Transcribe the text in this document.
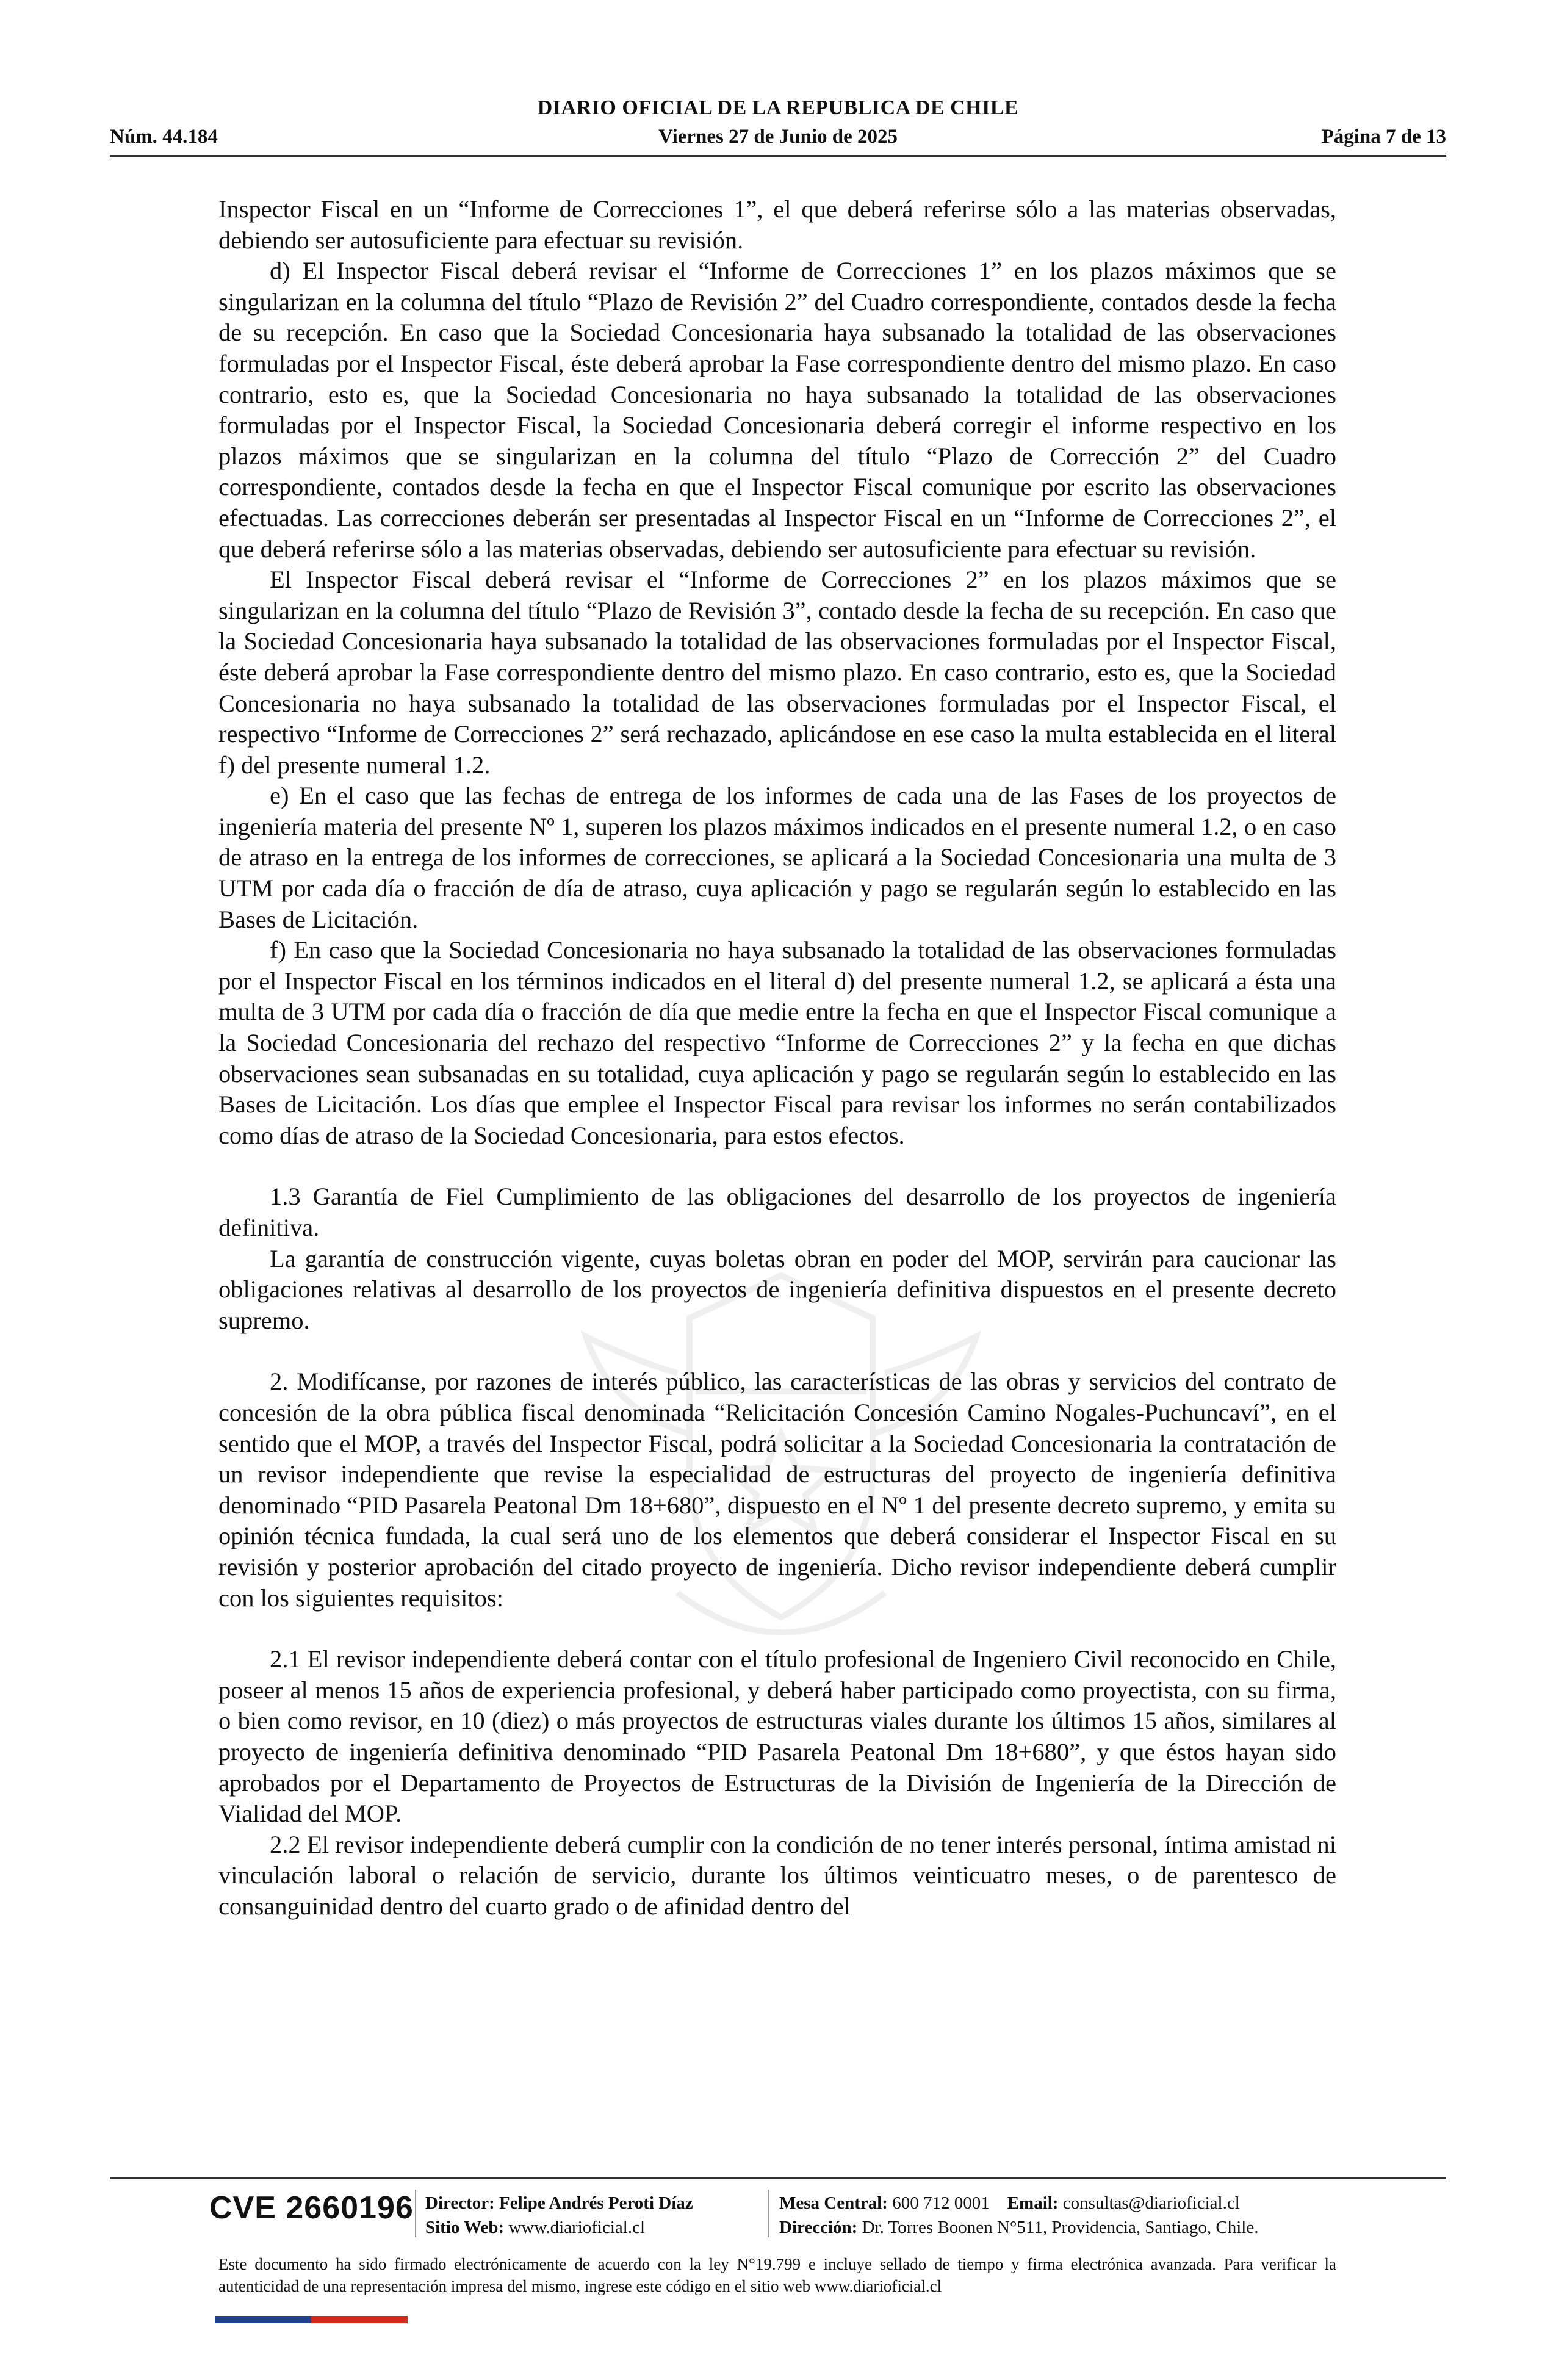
DIARIO OFICIAL DE LA REPUBLICA DE CHILE
Núm. 44.184	Viernes 27 de Junio de 2025	Página 7 de 13

Inspector Fiscal en un “Informe de Correcciones 1”, el que deberá referirse sólo a las materias observadas, debiendo ser autosuficiente para efectuar su revisión.

d) El Inspector Fiscal deberá revisar el “Informe de Correcciones 1” en los plazos máximos que se singularizan en la columna del título “Plazo de Revisión 2” del Cuadro correspondiente, contados desde la fecha de su recepción. En caso que la Sociedad Concesionaria haya subsanado la totalidad de las observaciones formuladas por el Inspector Fiscal, éste deberá aprobar la Fase correspondiente dentro del mismo plazo. En caso contrario, esto es, que la Sociedad Concesionaria no haya subsanado la totalidad de las observaciones formuladas por el Inspector Fiscal, la Sociedad Concesionaria deberá corregir el informe respectivo en los plazos máximos que se singularizan en la columna del título “Plazo de Corrección 2” del Cuadro correspondiente, contados desde la fecha en que el Inspector Fiscal comunique por escrito las observaciones efectuadas. Las correcciones deberán ser presentadas al Inspector Fiscal en un “Informe de Correcciones 2”, el que deberá referirse sólo a las materias observadas, debiendo ser autosuficiente para efectuar su revisión.

El Inspector Fiscal deberá revisar el “Informe de Correcciones 2” en los plazos máximos que se singularizan en la columna del título “Plazo de Revisión 3”, contado desde la fecha de su recepción. En caso que la Sociedad Concesionaria haya subsanado la totalidad de las observaciones formuladas por el Inspector Fiscal, éste deberá aprobar la Fase correspondiente dentro del mismo plazo. En caso contrario, esto es, que la Sociedad Concesionaria no haya subsanado la totalidad de las observaciones formuladas por el Inspector Fiscal, el respectivo “Informe de Correcciones 2” será rechazado, aplicándose en ese caso la multa establecida en el literal f) del presente numeral 1.2.

e) En el caso que las fechas de entrega de los informes de cada una de las Fases de los proyectos de ingeniería materia del presente Nº 1, superen los plazos máximos indicados en el presente numeral 1.2, o en caso de atraso en la entrega de los informes de correcciones, se aplicará a la Sociedad Concesionaria una multa de 3 UTM por cada día o fracción de día de atraso, cuya aplicación y pago se regularán según lo establecido en las Bases de Licitación.

f) En caso que la Sociedad Concesionaria no haya subsanado la totalidad de las observaciones formuladas por el Inspector Fiscal en los términos indicados en el literal d) del presente numeral 1.2, se aplicará a ésta una multa de 3 UTM por cada día o fracción de día que medie entre la fecha en que el Inspector Fiscal comunique a la Sociedad Concesionaria del rechazo del respectivo “Informe de Correcciones 2” y la fecha en que dichas observaciones sean subsanadas en su totalidad, cuya aplicación y pago se regularán según lo establecido en las Bases de Licitación. Los días que emplee el Inspector Fiscal para revisar los informes no serán contabilizados como días de atraso de la Sociedad Concesionaria, para estos efectos.

1.3 Garantía de Fiel Cumplimiento de las obligaciones del desarrollo de los proyectos de ingeniería definitiva.

La garantía de construcción vigente, cuyas boletas obran en poder del MOP, servirán para caucionar las obligaciones relativas al desarrollo de los proyectos de ingeniería definitiva dispuestos en el presente decreto supremo.

2. Modifícanse, por razones de interés público, las características de las obras y servicios del contrato de concesión de la obra pública fiscal denominada “Relicitación Concesión Camino Nogales-Puchuncaví”, en el sentido que el MOP, a través del Inspector Fiscal, podrá solicitar a la Sociedad Concesionaria la contratación de un revisor independiente que revise la especialidad de estructuras del proyecto de ingeniería definitiva denominado “PID Pasarela Peatonal Dm 18+680”, dispuesto en el Nº 1 del presente decreto supremo, y emita su opinión técnica fundada, la cual será uno de los elementos que deberá considerar el Inspector Fiscal en su revisión y posterior aprobación del citado proyecto de ingeniería. Dicho revisor independiente deberá cumplir con los siguientes requisitos:

2.1 El revisor independiente deberá contar con el título profesional de Ingeniero Civil reconocido en Chile, poseer al menos 15 años de experiencia profesional, y deberá haber participado como proyectista, con su firma, o bien como revisor, en 10 (diez) o más proyectos de estructuras viales durante los últimos 15 años, similares al proyecto de ingeniería definitiva denominado “PID Pasarela Peatonal Dm 18+680”, y que éstos hayan sido aprobados por el Departamento de Proyectos de Estructuras de la División de Ingeniería de la Dirección de Vialidad del MOP.

2.2 El revisor independiente deberá cumplir con la condición de no tener interés personal, íntima amistad ni vinculación laboral o relación de servicio, durante los últimos veinticuatro meses, o de parentesco de consanguinidad dentro del cuarto grado o de afinidad dentro del

CVE 2660196 Director: Felipe Andrés Peroti Díaz
Sitio Web: www.diarioficial.cl
Mesa Central: 600 712 0001 Email: consultas@diarioficial.cl
Dirección: Dr. Torres Boonen N°511, Providencia, Santiago, Chile.
Este documento ha sido firmado electrónicamente de acuerdo con la ley N°19.799 e incluye sellado de tiempo y firma electrónica avanzada. Para verificar la autenticidad de una representación impresa del mismo, ingrese este código en el sitio web www.diarioficial.cl
